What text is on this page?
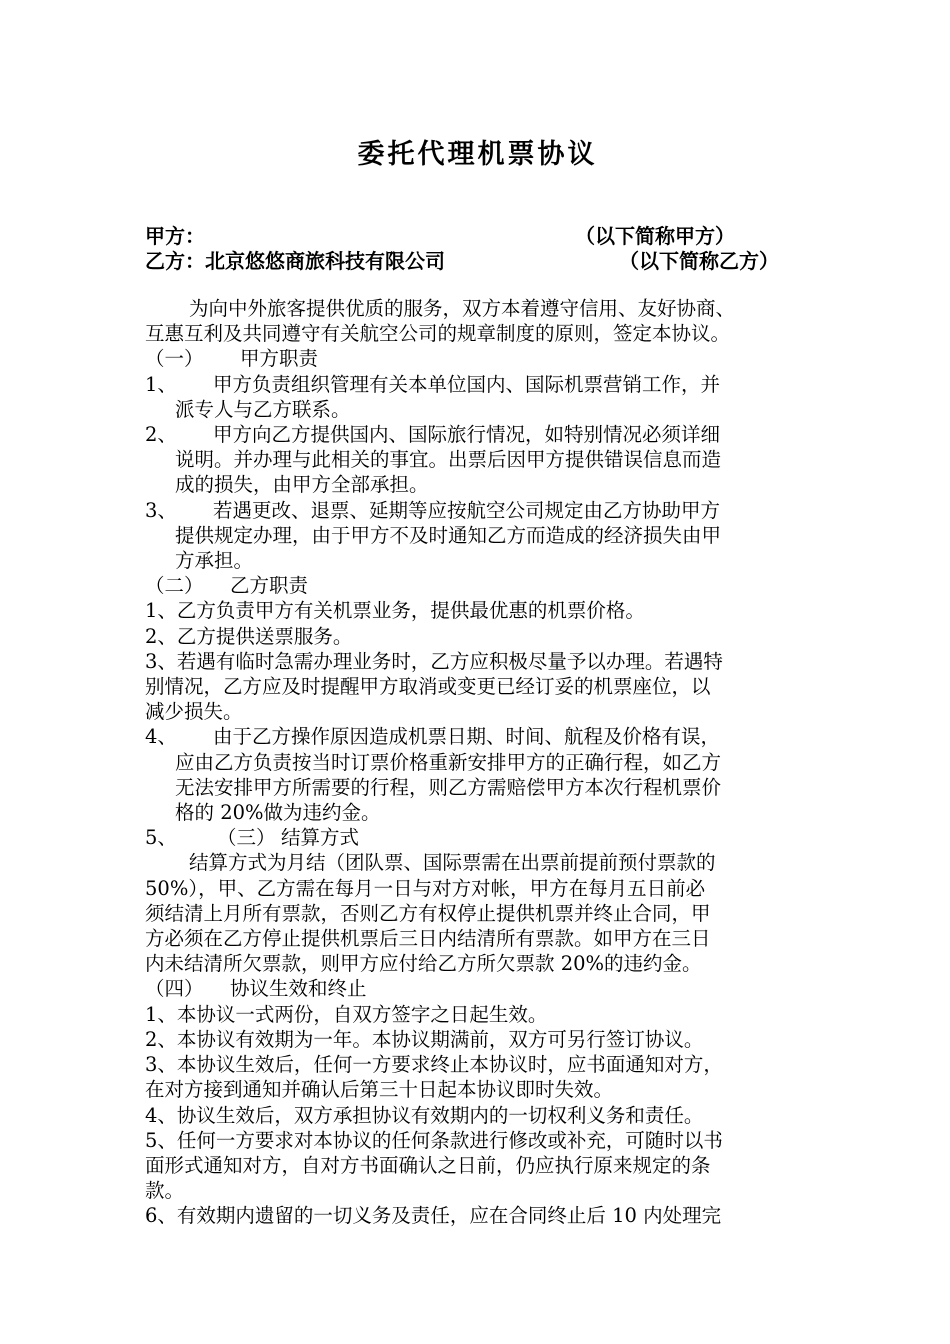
委托代理机票协议
甲方：	（以下简称甲方）
乙方：北京悠悠商旅科技有限公司	（以下简称乙方）

为向中外旅客提供优质的服务，双方本着遵守信用、友好协商、

互惠互利及共同遵守有关航空公司的规章制度的原则，签定本协议。

（一） 甲方职责

1、	甲方负责组织管理有关本单位国内、国际机票营销工作，并

派专人与乙方联系。

2、	甲方向乙方提供国内、国际旅行情况，如特别情况必须详细

说明。并办理与此相关的事宜。出票后因甲方提供错误信息而造

成的损失，由甲方全部承担。

3、	若遇更改、退票、延期等应按航空公司规定由乙方协助甲方

提供规定办理，由于甲方不及时通知乙方而造成的经济损失由甲

方承担。

（二） 乙方职责

1、乙方负责甲方有关机票业务，提供最优惠的机票价格。

2、乙方提供送票服务。

3、若遇有临时急需办理业务时，乙方应积极尽量予以办理。若遇特

别情况，乙方应及时提醒甲方取消或变更已经订妥的机票座位，以

减少损失。

4、	由于乙方操作原因造成机票日期、时间、航程及价格有误，

应由乙方负责按当时订票价格重新安排甲方的正确行程，如乙方

无法安排甲方所需要的行程，则乙方需赔偿甲方本次行程机票价

格的 20%做为违约金。

5、 （三） 结算方式

结算方式为月结（团队票、国际票需在出票前提前预付票款的

50%），甲、乙方需在每月一日与对方对帐，甲方在每月五日前必

须结清上月所有票款，否则乙方有权停止提供机票并终止合同，甲

方必须在乙方停止提供机票后三日内结清所有票款。如甲方在三日

内未结清所欠票款，则甲方应付给乙方所欠票款 20%的违约金。

（四） 协议生效和终止

1、本协议一式两份，自双方签字之日起生效。

2、本协议有效期为一年。本协议期满前，双方可另行签订协议。

3、本协议生效后，任何一方要求终止本协议时，应书面通知对方，

在对方接到通知并确认后第三十日起本协议即时失效。

4、协议生效后，双方承担协议有效期内的一切权利义务和责任。

5、任何一方要求对本协议的任何条款进行修改或补充，可随时以书

面形式通知对方，自对方书面确认之日前，仍应执行原来规定的条

款。

6、有效期内遗留的一切义务及责任，应在合同终止后 10 内处理完
